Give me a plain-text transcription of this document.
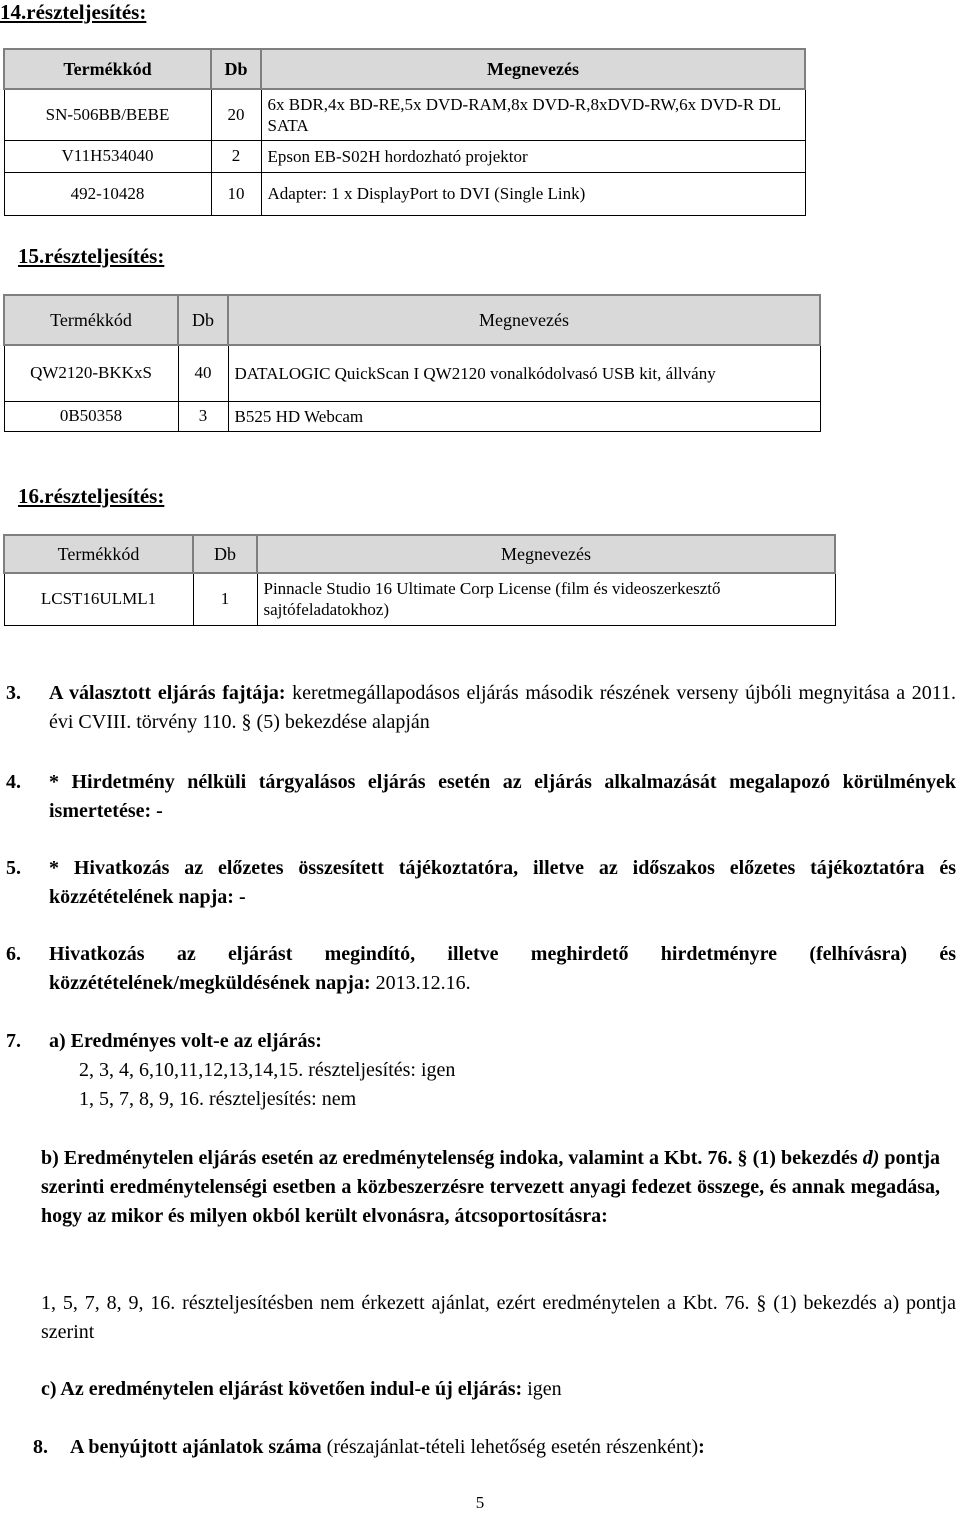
14.részteljesítés:
Termékkód	Db	Megnevezés
SN-506BB/BEBE	20	6x BDR,4x BD-RE,5x DVD-RAM,8x DVD-R,8xDVD-RW,6x DVD-R DL SATA
V11H534040	2	Epson EB-S02H hordozható projektor
492-10428	10	Adapter: 1 x DisplayPort to DVI (Single Link)
15.részteljesítés:
Termékkód	Db	Megnevezés
QW2120-BKKxS	40	DATALOGIC QuickScan I QW2120 vonalkódolvasó USB kit, állvány
0B50358	3	B525 HD Webcam
16.részteljesítés:
Termékkód	Db	Megnevezés
LCST16ULML1	1	Pinnacle Studio 16 Ultimate Corp License (film és videoszerkesztő sajtófeladatokhoz)
3. A választott eljárás fajtája: keretmegállapodásos eljárás második részének verseny újbóli megnyitása a 2011. évi CVIII. törvény 110. § (5) bekezdése alapján
4. * Hirdetmény nélküli tárgyalásos eljárás esetén az eljárás alkalmazását megalapozó körülmények ismertetése: -
5. * Hivatkozás az előzetes összesített tájékoztatóra, illetve az időszakos előzetes tájékoztatóra és közzétételének napja: -
6. Hivatkozás az eljárást megindító, illetve meghirdető hirdetményre (felhívásra) és közzétételének/megküldésének napja: 2013.12.16.
7. a) Eredményes volt-e az eljárás:
2, 3, 4, 6,10,11,12,13,14,15. részteljesítés: igen
1, 5, 7, 8, 9, 16. részteljesítés: nem
b) Eredménytelen eljárás esetén az eredménytelenség indoka, valamint a Kbt. 76. § (1) bekezdés d) pontja szerinti eredménytelenségi esetben a közbeszerzésre tervezett anyagi fedezet összege, és annak megadása, hogy az mikor és milyen okból került elvonásra, átcsoportosításra:
1, 5, 7, 8, 9, 16. részteljesítésben nem érkezett ajánlat, ezért eredménytelen a Kbt. 76. § (1) bekezdés a) pontja szerint
c) Az eredménytelen eljárást követően indul-e új eljárás: igen
8. A benyújtott ajánlatok száma (részajánlat-tételi lehetőség esetén részenként):
5
